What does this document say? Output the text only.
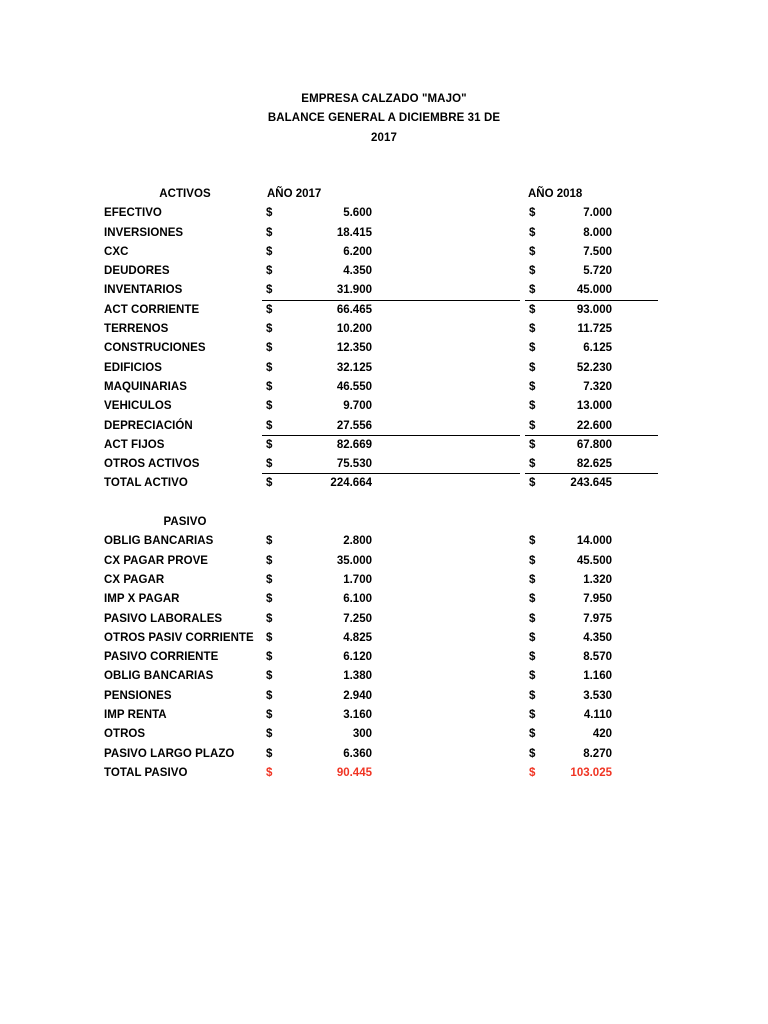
EMPRESA CALZADO "MAJO"
BALANCE GENERAL A DICIEMBRE 31 DE
2017
ACTIVOS	AÑO 2017	AÑO 2018
EFECTIVO	$	5.600	$	7.000
INVERSIONES	$	18.415	$	8.000
CXC	$	6.200	$	7.500
DEUDORES	$	4.350	$	5.720
INVENTARIOS	$	31.900	$	45.000
ACT CORRIENTE	$	66.465	$	93.000
TERRENOS	$	10.200	$	11.725
CONSTRUCIONES	$	12.350	$	6.125
EDIFICIOS	$	32.125	$	52.230
MAQUINARIAS	$	46.550	$	7.320
VEHICULOS	$	9.700	$	13.000
DEPRECIACIÓN	$	27.556	$	22.600
ACT FIJOS	$	82.669	$	67.800
OTROS ACTIVOS	$	75.530	$	82.625
TOTAL ACTIVO	$	224.664	$	243.645
PASIVO
OBLIG BANCARIAS	$	2.800	$	14.000
CX PAGAR PROVE	$	35.000	$	45.500
CX PAGAR	$	1.700	$	1.320
IMP X PAGAR	$	6.100	$	7.950
PASIVO LABORALES	$	7.250	$	7.975
OTROS PASIV CORRIENTE $	4.825	$	4.350
PASIVO CORRIENTE	$	6.120	$	8.570
OBLIG BANCARIAS	$	1.380	$	1.160
PENSIONES	$	2.940	$	3.530
IMP RENTA	$	3.160	$	4.110
OTROS	$	300	$	420
PASIVO LARGO PLAZO	$	6.360	$	8.270
TOTAL PASIVO	$	90.445	$	103.025
